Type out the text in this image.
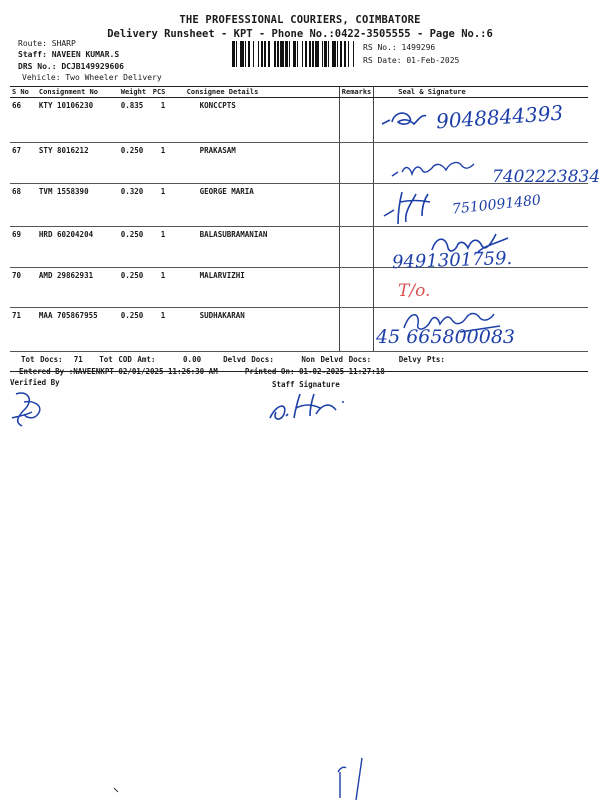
THE PROFESSIONAL COURIERS, COIMBATORE
Delivery Runsheet - KPT - Phone No.:0422-3505555 - Page No.:6
Route: SHARP
Staff: NAVEEN KUMAR.S
DRS No.: DCJB149929606
Vehicle: Two Wheeler Delivery
RS No.: 1499296
RS Date: 01-Feb-2025
S No	Consignment No	Weight	PCS	Consignee Details	Remarks	Seal & Signature
66	KTY 10106230	0.835	1	KONCCPTS		
67	STY 8016212	0.250	1	PRAKASAM		
68	TVM 1558390	0.320	1	GEORGE MARIA		
69	HRD 60204204	0.250	1	BALASUBRAMANIAN		
70	AMD 29862931	0.250	1	MALARVIZHI		
71	MAA 705867955	0.250	1	SUDHAKARAN		
9048844393
7402223834
7510091480
9491301759.
T/o.
45 665800083

Tot Docs:  71 Tot COD Amt:     0.00	Delvd Docs:	Non Delvd Docs:	Delvy Pts:

Entered By :NAVEENKPT 02/01/2025 11:26:30 AM	Printed On: 01-02-2025 11:27:18

Verified By	Staff Signature
